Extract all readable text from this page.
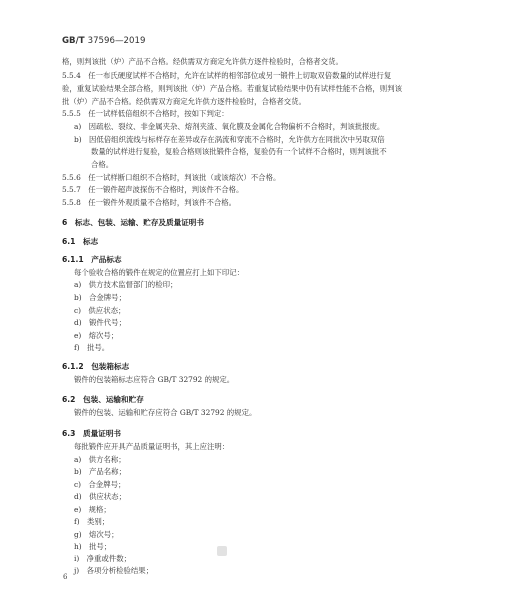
GB/T 37596—2019
格，则判该批（炉）产品不合格。经供需双方商定允许供方逐件检验时，合格者交货。
5.5.4　任一布氏硬度试样不合格时，允许在试样的相邻部位或另一锻件上切取双倍数量的试样进行复
验，重复试验结果全部合格，则判该批（炉）产品合格。若重复试验结果中仍有试样性能不合格，则判该
批（炉）产品不合格。经供需双方商定允许供方逐件检验时，合格者交货。
5.5.5　任一试样低倍组织不合格时，按如下判定：
a)　因疏松、裂纹、非金属夹杂、熔剂夹渣、氧化膜及金属化合物偏析不合格时，判该批报废。
b)　因低倍组织流线与标样存在差异或存在涡流和穿流不合格时，允许供方在同批次中另取双倍
数量的试样进行复验，复验合格则该批锻件合格，复验仍有一个试样不合格时，则判该批不
合格。
5.5.6　任一试样断口组织不合格时，判该批（或该熔次）不合格。
5.5.7　任一锻件超声波探伤不合格时，判该件不合格。
5.5.8　任一锻件外观质量不合格时，判该件不合格。
6　标志、包装、运输、贮存及质量证明书
6.1　标志
6.1.1　产品标志
每个验收合格的锻件在规定的位置应打上如下印记：
a)　供方技术监督部门的检印；
b)　合金牌号；
c)　供应状态；
d)　锻件代号；
e)　熔次号；
f)　批号。
6.1.2　包装箱标志
锻件的包装箱标志应符合 GB/T 32792 的规定。
6.2　包装、运输和贮存
锻件的包装、运输和贮存应符合 GB/T 32792 的规定。
6.3　质量证明书
每批锻件应开具产品质量证明书，其上应注明：
a)　供方名称；
b)　产品名称；
c)　合金牌号；
d)　供应状态；
e)　规格；
f)　类别；
g)　熔次号；
h)　批号；
i)　净重或件数；
j)　各项分析检验结果；
6
